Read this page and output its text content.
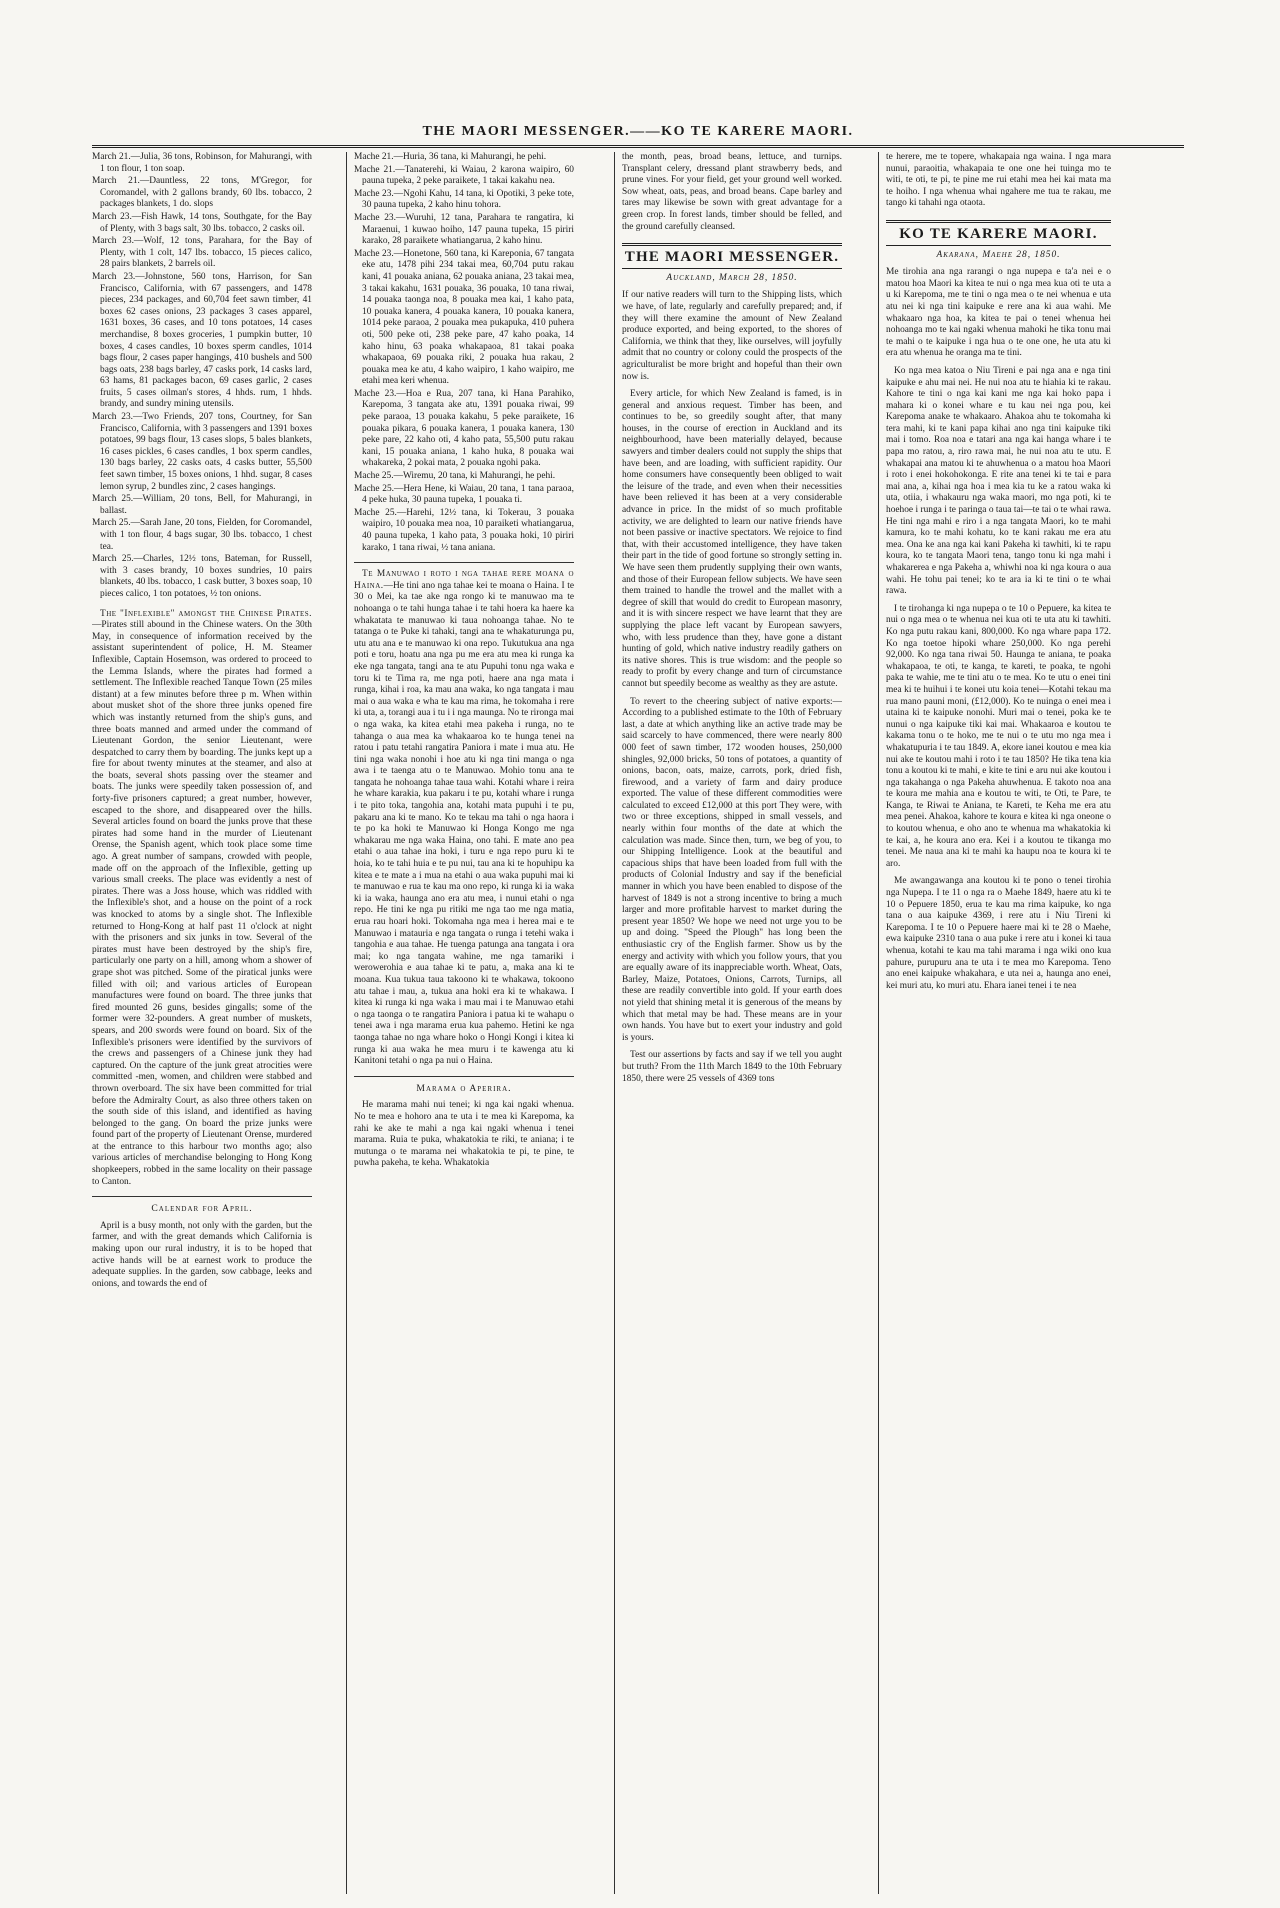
THE MAORI MESSENGER.——KO TE KARERE MAORI.
March 21.—Julia, 36 tons, Robinson, for Mahurangi, with 1 ton flour, 1 ton soap.
March 21.—Dauntless, 22 tons, M'Gregor, for Coromandel, with 2 gallons brandy, 60 lbs. tobacco, 2 packages blankets, 1 do. slops
March 23.—Fish Hawk, 14 tons, Southgate, for the Bay of Plenty, with 3 bags salt, 30 lbs. tobacco, 2 casks oil.
March 23.—Wolf, 12 tons, Parahara, for the Bay of Plenty, with 1 colt, 147 lbs. tobacco, 15 pieces calico, 28 pairs blankets, 2 barrels oil.
March 23.—Johnstone, 560 tons, Harrison, for San Francisco, California, with 67 passengers, and 1478 pieces, 234 packages, and 60,704 feet sawn timber, 41 boxes 62 cases onions, 23 packages 3 cases apparel, 1631 boxes, 36 cases, and 10 tons potatoes, 14 cases merchandise, 8 boxes groceries, 1 pumpkin butter, 10 boxes, 4 cases candles, 10 boxes sperm candles, 1014 bags flour, 2 cases paper hangings, 410 bushels and 500 bags oats, 238 bags barley, 47 casks pork, 14 casks lard, 63 hams, 81 packages bacon, 69 cases garlic, 2 cases fruits, 5 cases oilman's stores, 4 hhds. rum, 1 hhds. brandy, and sundry mining utensils.
March 23.—Two Friends, 207 tons, Courtney, for San Francisco, California, with 3 passengers and 1391 boxes potatoes, 99 bags flour, 13 cases slops, 5 bales blankets, 16 cases pickles, 6 cases candles, 1 box sperm candles, 130 bags barley, 22 casks oats, 4 casks butter, 55,500 feet sawn timber, 15 boxes onions, 1 hhd. sugar, 8 cases lemon syrup, 2 bundles zinc, 2 cases hangings.
March 25.—William, 20 tons, Bell, for Mahurangi, in ballast.
March 25.—Sarah Jane, 20 tons, Fielden, for Coromandel, with 1 ton flour, 4 bags sugar, 30 lbs. tobacco, 1 chest tea.
March 25.—Charles, 12½ tons, Bateman, for Russell, with 3 cases brandy, 10 boxes sundries, 10 pairs blankets, 40 lbs. tobacco, 1 cask butter, 3 boxes soap, 10 pieces calico, 1 ton potatoes, ½ ton onions.

The "Inflexible" amongst the Chinese Pirates.—Pirates still abound in the Chinese waters. On the 30th May, in consequence of information received by the assistant superintendent of police, H. M. Steamer Inflexible, Captain Hosemson, was ordered to proceed to the Lemma Islands, where the pirates had formed a settlement. The Inflexible reached Tanque Town (25 miles distant) at a few minutes before three p m. When within about musket shot of the shore three junks opened fire which was instantly returned from the ship's guns, and three boats manned and armed under the command of Lieutenant Gordon, the senior Lieutenant, were despatched to carry them by boarding. The junks kept up a fire for about twenty minutes at the steamer, and also at the boats, several shots passing over the steamer and boats. The junks were speedily taken possession of, and forty-five prisoners captured; a great number, however, escaped to the shore, and disappeared over the hills. Several articles found on board the junks prove that these pirates had some hand in the murder of Lieutenant Orense, the Spanish agent, which took place some time ago. A great number of sampans, crowded with people, made off on the approach of the Inflexible, getting up various small creeks. The place was evidently a nest of pirates. There was a Joss house, which was riddled with the Inflexible's shot, and a house on the point of a rock was knocked to atoms by a single shot. The Inflexible returned to Hong-Kong at half past 11 o'clock at night with the prisoners and six junks in tow. Several of the pirates must have been destroyed by the ship's fire, particularly one party on a hill, among whom a shower of grape shot was pitched. Some of the piratical junks were filled with oil; and various articles of European manufactures were found on board. The three junks that fired mounted 26 guns, besides gingalls; some of the former were 32-pounders. A great number of muskets, spears, and 200 swords were found on board. Six of the Inflexible's prisoners were identified by the survivors of the crews and passengers of a Chinese junk they had captured. On the capture of the junk great atrocities were committed -men, women, and children were stabbed and thrown overboard. The six have been committed for trial before the Admiralty Court, as also three others taken on the south side of this island, and identified as having belonged to the gang. On board the prize junks were found part of the property of Lieutenant Orense, murdered at the entrance to this harbour two months ago; also various articles of merchandise belonging to Hong Kong shopkeepers, robbed in the same locality on their passage to Canton.

Calendar for April.

April is a busy month, not only with the garden, but the farmer, and with the great demands which California is making upon our rural industry, it is to be hoped that active hands will be at earnest work to produce the adequate supplies. In the garden, sow cabbage, leeks and onions, and towards the end of

Mache 21.—Huria, 36 tana, ki Mahurangi, he pehi.
Mache 21.—Tanaterehi, ki Waiau, 2 karona waipiro, 60 pauna tupeka, 2 peke paraikete, 1 takai kakahu nea.
Mache 23.—Ngohi Kahu, 14 tana, ki Opotiki, 3 peke tote, 30 pauna tupeka, 2 kaho hinu tohora.
Mache 23.—Wuruhi, 12 tana, Parahara te rangatira, ki Maraenui, 1 kuwao hoiho, 147 pauna tupeka, 15 piriri karako, 28 paraikete whatiangarua, 2 kaho hinu.
Mache 23.—Honetone, 560 tana, ki Kareponia, 67 tangata eke atu, 1478 pihi 234 takai mea, 60,704 putu rakau kani, 41 pouaka aniana, 62 pouaka aniana, 23 takai mea, 3 takai kakahu, 1631 pouaka, 36 pouaka, 10 tana riwai, 14 pouaka taonga noa, 8 pouaka mea kai, 1 kaho pata, 10 pouaka kanera, 4 pouaka kanera, 10 pouaka kanera, 1014 peke paraoa, 2 pouaka mea pukapuka, 410 puhera oti, 500 peke oti, 238 peke pare, 47 kaho poaka, 14 kaho hinu, 63 poaka whakapaoa, 81 takai poaka whakapaoa, 69 pouaka riki, 2 pouaka hua rakau, 2 pouaka mea ke atu, 4 kaho waipiro, 1 kaho waipiro, me etahi mea keri whenua.
Mache 23.—Hoa e Rua, 207 tana, ki Hana Parahiko, Karepoma, 3 tangata ake atu, 1391 pouaka riwai, 99 peke paraoa, 13 pouaka kakahu, 5 peke paraikete, 16 pouaka pikara, 6 pouaka kanera, 1 pouaka kanera, 130 peke pare, 22 kaho oti, 4 kaho pata, 55,500 putu rakau kani, 15 pouaka aniana, 1 kaho huka, 8 pouaka wai whakareka, 2 pokai mata, 2 pouaka ngohi paka.
Mache 25.—Wiremu, 20 tana, ki Mahurangi, he pehi.
Mache 25.—Hera Hene, ki Waiau, 20 tana, 1 tana paraoa, 4 peke huka, 30 pauna tupeka, 1 pouaka ti.
Mache 25.—Harehi, 12½ tana, ki Tokerau, 3 pouaka waipiro, 10 pouaka mea noa, 10 paraiketi whatiangarua, 40 pauna tupeka, 1 kaho pata, 3 pouaka hoki, 10 piriri karako, 1 tana riwai, ½ tana aniana.

Te Manuwao i roto i nga tahae rere moana o Haina.—He tini ano nga tahae kei te moana o Haina. I te 30 o Mei, ka tae ake nga rongo ki te manuwao ma te nohoanga o te tahi hunga tahae i te tahi hoera ka haere ka whakatata te manuwao ki taua nohoanga tahae. No te tatanga o te Puke ki tahaki, tangi ana te whakaturunga pu, utu atu ana e te manuwao ki ona repo. Tukutukua ana nga poti e toru, hoatu ana nga pu me era atu mea ki runga ka eke nga tangata, tangi ana te atu Pupuhi tonu nga waka e toru ki te Tima ra, me nga poti, haere ana nga mata i runga, kihai i roa, ka mau ana waka, ko nga tangata i mau mai o aua waka e wha te kau ma rima, he tokomaha i rere ki uta, a, torangi aua i tu i i nga maunga. No te rironga mai o nga waka, ka kitea etahi mea pakeha i runga, no te tahanga o aua mea ka whakaaroa ko te hunga tenei na ratou i patu tetahi rangatira Paniora i mate i mua atu. He tini nga waka nonohi i hoe atu ki nga tini manga o nga awa i te taenga atu o te Manuwao. Mohio tonu ana te tangata he nohoanga tahae taua wahi. Kotahi whare i reira he whare karakia, kua pakaru i te pu, kotahi whare i runga i te pito toka, tangohia ana, kotahi mata pupuhi i te pu, pakaru ana ki te mano. Ko te tekau ma tahi o nga haora i te po ka hoki te Manuwao ki Honga Kongo me nga whakarau me nga waka Haina, ono tahi. E mate ano pea etahi o aua tahae ina hoki, i turu e nga repo puru ki te hoia, ko te tahi huia e te pu nui, tau ana ki te hopuhipu ka kitea e te mate a i mua na etahi o aua waka pupuhi mai ki te manuwao e rua te kau ma ono repo, ki runga ki ia waka ki ia waka, haunga ano era atu mea, i nunui etahi o nga repo. He tini ke nga pu ritiki me nga tao me nga matia, erua rau hoari hoki. Tokomaha nga mea i herea mai e te Manuwao i matauria e nga tangata o runga i tetehi waka i tangohia e aua tahae. He tuenga patunga ana tangata i ora mai; ko nga tangata wahine, me nga tamariki i werowerohia e aua tahae ki te patu, a, maka ana ki te moana. Kua tukua taua takoono ki te whakawa, tokoono atu tahae i mau, a, tukua ana hoki era ki te whakawa. I kitea ki runga ki nga waka i mau mai i te Manuwao etahi o nga taonga o te rangatira Paniora i patua ki te wahapu o tenei awa i nga marama erua kua pahemo. Hetini ke nga taonga tahae no nga whare hoko o Hongi Kongi i kitea ki runga ki aua waka he mea muru i te kawenga atu ki Kanitoni tetahi o nga pa nui o Haina.

Marama o Aperira.

He marama mahi nui tenei; ki nga kai ngaki whenua. No te mea e hohoro ana te uta i te mea ki Karepoma, ka rahi ke ake te mahi a nga kai ngaki whenua i tenei marama. Ruia te puka, whakatokia te riki, te aniana; i te mutunga o te marama nei whakatokia te pi, te pine, te puwha pakeha, te keha. Whakatokia

the month, peas, broad beans, lettuce, and turnips. Transplant celery, dressand plant strawberry beds, and prune vines. For your field, get your ground well worked. Sow wheat, oats, peas, and broad beans. Cape barley and tares may likewise be sown with great advantage for a green crop. In forest lands, timber should be felled, and the ground carefully cleansed.

THE MAORI MESSENGER.
Auckland, March 28, 1850.

If our native readers will turn to the Shipping lists, which we have, of late, regularly and carefully prepared; and, if they will there examine the amount of New Zealand produce exported, and being exported, to the shores of California, we think that they, like ourselves, will joyfully admit that no country or colony could the prospects of the agriculturalist be more bright and hopeful than their own now is.

Every article, for which New Zealand is famed, is in general and anxious request. Timber has been, and continues to be, so greedily sought after, that many houses, in the course of erection in Auckland and its neighbourhood, have been materially delayed, because sawyers and timber dealers could not supply the ships that have been, and are loading, with sufficient rapidity. Our home consumers have consequently been obliged to wait the leisure of the trade, and even when their necessities have been relieved it has been at a very considerable advance in price. In the midst of so much profitable activity, we are delighted to learn our native friends have not been passive or inactive spectators. We rejoice to find that, with their accustomed intelligence, they have taken their part in the tide of good fortune so strongly setting in. We have seen them prudently supplying their own wants, and those of their European fellow subjects. We have seen them trained to handle the trowel and the mallet with a degree of skill that would do credit to European masonry, and it is with sincere respect we have learnt that they are supplying the place left vacant by European sawyers, who, with less prudence than they, have gone a distant hunting of gold, which native industry readily gathers on its native shores. This is true wisdom: and the people so ready to profit by every change and turn of circumstance cannot but speedily become as wealthy as they are astute.

To revert to the cheering subject of native exports:—According to a published estimate to the 10th of February last, a date at which anything like an active trade may be said scarcely to have commenced, there were nearly 800 000 feet of sawn timber, 172 wooden houses, 250,000 shingles, 92,000 bricks, 50 tons of potatoes, a quantity of onions, bacon, oats, maize, carrots, pork, dried fish, firewood, and a variety of farm and dairy produce exported. The value of these different commodities were calculated to exceed £12,000 at this port They were, with two or three exceptions, shipped in small vessels, and nearly within four months of the date at which the calculation was made. Since then, turn, we beg of you, to our Shipping Intelligence. Look at the beautiful and capacious ships that have been loaded from full with the products of Colonial Industry and say if the beneficial manner in which you have been enabled to dispose of the harvest of 1849 is not a strong incentive to bring a much larger and more profitable harvest to market during the present year 1850? We hope we need not urge you to be up and doing. "Speed the Plough" has long been the enthusiastic cry of the English farmer. Show us by the energy and activity with which you follow yours, that you are equally aware of its inappreciable worth. Wheat, Oats, Barley, Maize, Potatoes, Onions, Carrots, Turnips, all these are readily convertible into gold. If your earth does not yield that shining metal it is generous of the means by which that metal may be had. These means are in your own hands. You have but to exert your industry and gold is yours.

Test our assertions by facts and say if we tell you aught but truth? From the 11th March 1849 to the 10th February 1850, there were 25 vessels of 4369 tons

te herere, me te topere, whakapaia nga waina. I nga mara nunui, paraoitia, whakapaia te one one hei tuinga mo te witi, te oti, te pi, te pine me rui etahi mea hei kai mata ma te hoiho. I nga whenua whai ngahere me tua te rakau, me tango ki tahahi nga otaota.

KO TE KARERE MAORI.
Akarana, Maehe 28, 1850.

Me tirohia ana nga rarangi o nga nupepa e ta'a nei e o matou hoa Maori ka kitea te nui o nga mea kua oti te uta a u ki Karepoma, me te tini o nga mea o te nei whenua e uta atu nei ki nga tini kaipuke e rere ana ki aua wahi. Me whakaaro nga hoa, ka kitea te pai o tenei whenua hei nohoanga mo te kai ngaki whenua mahoki he tika tonu mai te mahi o te kaipuke i nga hua o te one one, he uta atu ki era atu whenua he oranga ma te tini.

Ko nga mea katoa o Niu Tireni e pai nga ana e nga tini kaipuke e ahu mai nei. He nui noa atu te hiahia ki te rakau. Kahore te tini o nga kai kani me nga kai hoko papa i mahara ki o konei whare e tu kau nei nga pou, kei Karepoma anake te whakaaro. Ahakoa ahu te tokomaha ki tera mahi, ki te kani papa kihai ano nga tini kaipuke tiki mai i tomo. Roa noa e tatari ana nga kai hanga whare i te papa mo ratou, a, riro rawa mai, he nui noa atu te utu. E whakapai ana matou ki te ahuwhenua o a matou hoa Maori i roto i enei hokohokonga. E rite ana tenei ki te tai e para mai ana, a, kihai nga hoa i mea kia tu ke a ratou waka ki uta, otiia, i whakauru nga waka maori, mo nga poti, ki te hoehoe i runga i te paringa o taua tai—te tai o te whai rawa. He tini nga mahi e riro i a nga tangata Maori, ko te mahi kamura, ko te mahi kohatu, ko te kani rakau me era atu mea. Ona ke ana nga kai kani Pakeha ki tawhiti, ki te rapu koura, ko te tangata Maori tena, tango tonu ki nga mahi i whakarerea e nga Pakeha a, whiwhi noa ki nga koura o aua wahi. He tohu pai tenei; ko te ara ia ki te tini o te whai rawa.

I te tirohanga ki nga nupepa o te 10 o Pepuere, ka kitea te nui o nga mea o te whenua nei kua oti te uta atu ki tawhiti. Ko nga putu rakau kani, 800,000. Ko nga whare papa 172. Ko nga toetoe hipoki whare 250,000. Ko nga perehi 92,000. Ko nga tana riwai 50. Haunga te aniana, te poaka whakapaoa, te oti, te kanga, te kareti, te poaka, te ngohi paka te wahie, me te tini atu o te mea. Ko te utu o enei tini mea ki te huihui i te konei utu koia tenei—Kotahi tekau ma rua mano pauni moni, (£12,000). Ko te nuinga o enei mea i utaina ki te kaipuke nonohi. Muri mai o tenei, poka ke te nunui o nga kaipuke tiki kai mai. Whakaaroa e koutou te kakama tonu o te hoko, me te nui o te utu mo nga mea i whakatupuria i te tau 1849. A, ekore ianei koutou e mea kia nui ake te koutou mahi i roto i te tau 1850? He tika tena kia tonu a koutou ki te mahi, e kite te tini e aru nui ake koutou i nga takahanga o nga Pakeha ahuwhenua. E takoto noa ana te koura me mahia ana e koutou te witi, te Oti, te Pare, te Kanga, te Riwai te Aniana, te Kareti, te Keha me era atu mea penei. Ahakoa, kahore te koura e kitea ki nga oneone o to koutou whenua, e oho ano te whenua ma whakatokia ki te kai, a, he koura ano era. Kei i a koutou te tikanga mo tenei. Me naua ana ki te mahi ka haupu noa te koura ki te aro.

Me awangawanga ana koutou ki te pono o tenei tirohia nga Nupepa. I te 11 o nga ra o Maehe 1849, haere atu ki te 10 o Pepuere 1850, erua te kau ma rima kaipuke, ko nga tana o aua kaipuke 4369, i rere atu i Niu Tireni ki Karepoma. I te 10 o Pepuere haere mai ki te 28 o Maehe, ewa kaipuke 2310 tana o aua puke i rere atu i konei ki taua whenua, kotahi te kau ma tahi marama i nga wiki ono kua pahure, purupuru ana te uta i te mea mo Karepoma. Teno ano enei kaipuke whakahara, e uta nei a, haunga ano enei, kei muri atu, ko muri atu. Ehara ianei tenei i te nea
